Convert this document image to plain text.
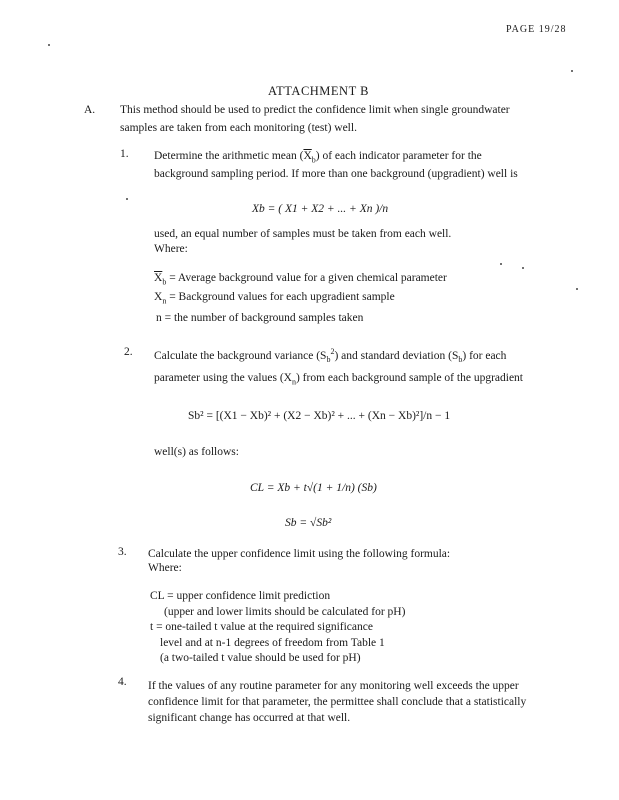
PAGE 19/28
ATTACHMENT B
A. This method should be used to predict the confidence limit when single groundwater
samples are taken from each monitoring (test) well.
1. Determine the arithmetic mean $(\overline{X}_b)$ of each indicator parameter for the
background sampling period. If more than one background (upgradient) well is
Xb = ( X1 + X2 + ... + Xn )/n
used, an equal number of samples must be taken from each well.
Where:
$\overline{X}_b$ = Average background value for a given chemical parameter
$X_n$ = Background values for each upgradient sample
n = the number of background samples taken
2. Calculate the background variance $(S_b^2)$ and standard deviation $(S_b)$ for each
parameter using the values $(X_n)$ from each background sample of the upgradient
Sb² = [(X1 − Xb)² + (X2 − Xb)² + ... + (Xn − Xb)²]/n − 1
well(s) as follows:
CL = Xb + t√(1 + 1/n) (Sb)
Sb = √Sb²
3. Calculate the upper confidence limit using the following formula:
Where:
CL = upper confidence limit prediction
(upper and lower limits should be calculated for pH)
t = one-tailed t value at the required significance
level and at n-1 degrees of freedom from Table 1
(a two-tailed t value should be used for pH)
4. If the values of any routine parameter for any monitoring well exceeds the upper
confidence limit for that parameter, the permittee shall conclude that a statistically
significant change has occurred at that well.
